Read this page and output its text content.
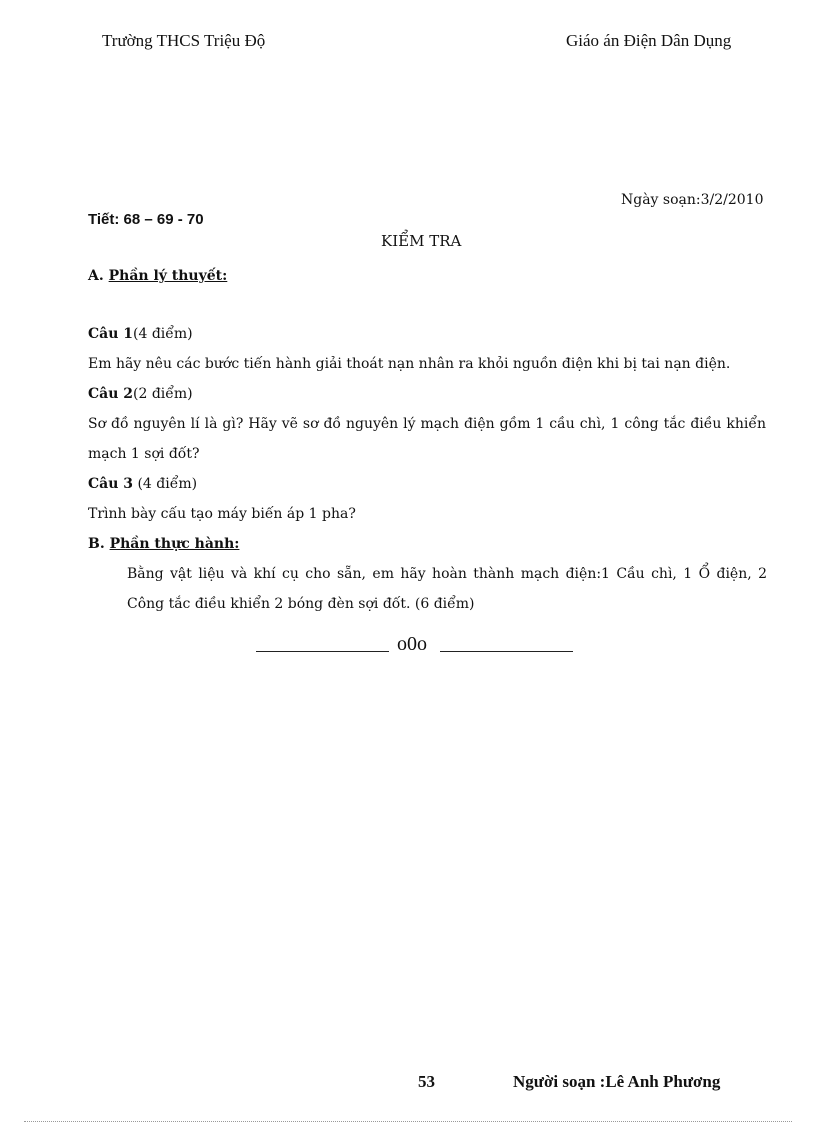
Trường THCS Triệu Độ	Giáo án Điện Dân Dụng
Ngày soạn:3/2/2010
Tiết: 68 – 69 - 70
KIỂM TRA
A. Phần lý thuyết:
Câu 1(4 điểm)
Em hãy nêu các bước tiến hành giải thoát nạn nhân ra khỏi nguồn điện khi bị tai nạn điện.
Câu 2(2 điểm)
Sơ đồ nguyên lí là gì? Hãy vẽ sơ đồ nguyên lý mạch điện gồm 1 cầu chì, 1 công tắc điều khiển
mạch 1 sợi đốt?
Câu 3 (4 điểm)
Trình bày cấu tạo máy biến áp 1 pha?
B. Phần thực hành:
Bằng vật liệu và khí cụ cho sẵn, em hãy hoàn thành mạch điện:1 Cầu chì, 1 Ổ điện, 2
Công tắc điều khiển 2 bóng đèn sợi đốt. (6 điểm)
o0o
53	Người soạn :Lê Anh Phương
